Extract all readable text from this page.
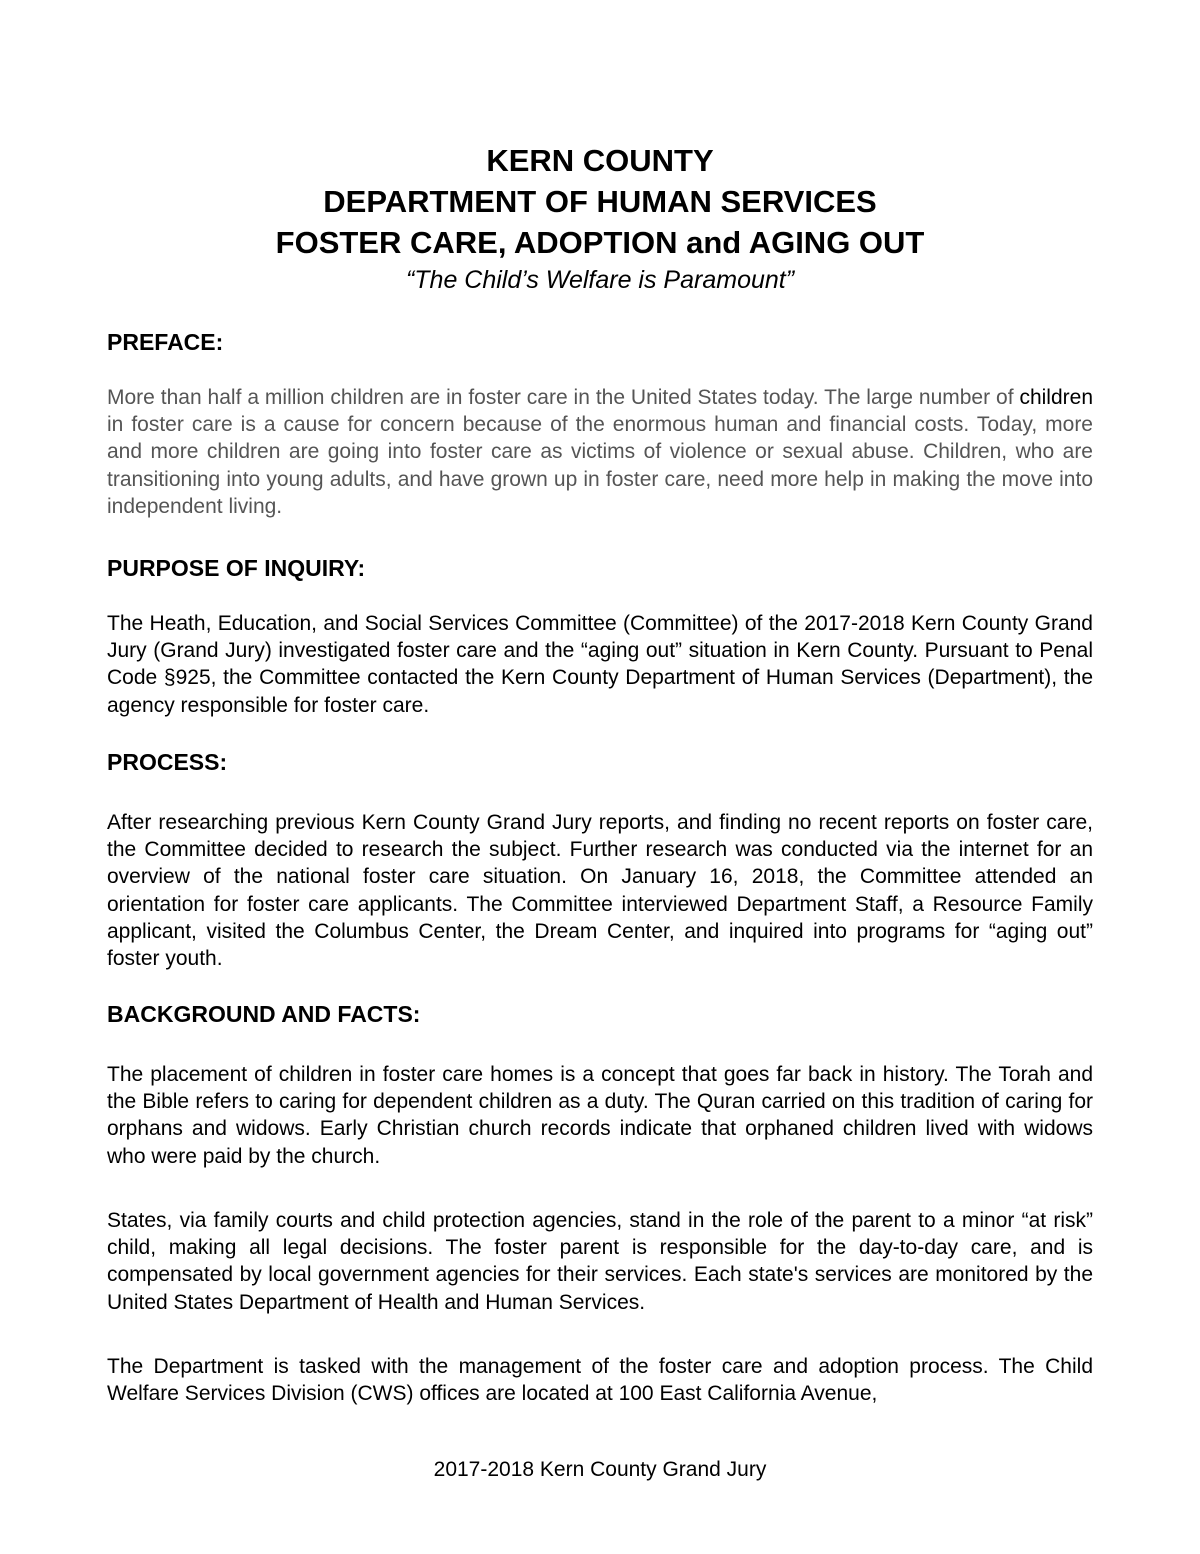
KERN COUNTY
DEPARTMENT OF HUMAN SERVICES
FOSTER CARE, ADOPTION and AGING OUT
“The Child’s Welfare is Paramount”
PREFACE:
More than half a million children are in foster care in the United States today. The large number of children in foster care is a cause for concern because of the enormous human and financial costs. Today, more and more children are going into foster care as victims of violence or sexual abuse. Children, who are transitioning into young adults, and have grown up in foster care, need more help in making the move into independent living.
PURPOSE OF INQUIRY:
The Heath, Education, and Social Services Committee (Committee) of the 2017-2018 Kern County Grand Jury (Grand Jury) investigated foster care and the “aging out” situation in Kern County. Pursuant to Penal Code §925, the Committee contacted the Kern County Department of Human Services (Department), the agency responsible for foster care.
PROCESS:
After researching previous Kern County Grand Jury reports, and finding no recent reports on foster care, the Committee decided to research the subject. Further research was conducted via the internet for an overview of the national foster care situation. On January 16, 2018, the Committee attended an orientation for foster care applicants. The Committee interviewed Department Staff, a Resource Family applicant, visited the Columbus Center, the Dream Center, and inquired into programs for “aging out” foster youth.
BACKGROUND AND FACTS:
The placement of children in foster care homes is a concept that goes far back in history. The Torah and the Bible refers to caring for dependent children as a duty. The Quran carried on this tradition of caring for orphans and widows. Early Christian church records indicate that orphaned children lived with widows who were paid by the church.
States, via family courts and child protection agencies, stand in the role of the parent to a minor “at risk” child, making all legal decisions. The foster parent is responsible for the day-to-day care, and is compensated by local government agencies for their services. Each state's services are monitored by the United States Department of Health and Human Services.
The Department is tasked with the management of the foster care and adoption process. The Child Welfare Services Division (CWS) offices are located at 100 East California Avenue,
2017-2018 Kern County Grand Jury
